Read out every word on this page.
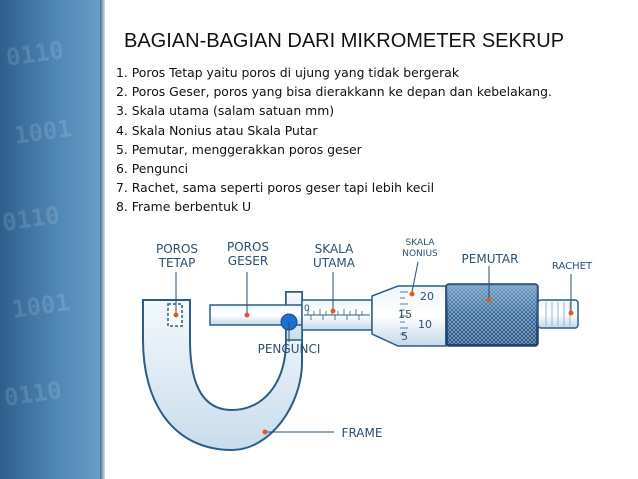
0110
1001
0110
1001
0110
BAGIAN-BAGIAN DARI MIKROMETER SEKRUP
1. Poros Tetap yaitu poros di ujung yang tidak bergerak
2. Poros Geser, poros yang bisa dierakkann ke depan dan kebelakang.
3. Skala utama (salam satuan mm)
4. Skala Nonius atau Skala Putar
5. Pemutar, menggerakkan poros geser
6. Pengunci
7. Rachet, sama seperti poros geser tapi lebih kecil
8. Frame berbentuk U
0
20
15
10
5
POROS
TETAP
POROS
GESER
SKALA
UTAMA
SKALA
NONIUS	PEMUTAR
RACHET
PENGUNCI
FRAME
